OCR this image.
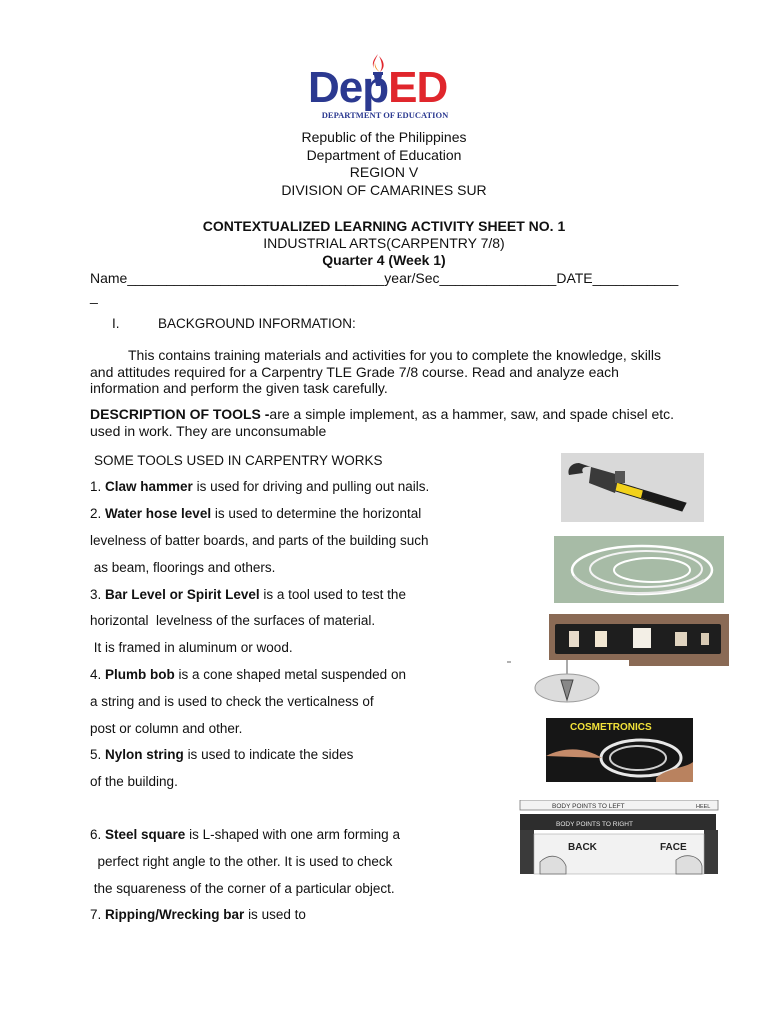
DepED
DEPARTMENT OF EDUCATION
Republic of the Philippines
Department of Education
REGION V
DIVISION OF CAMARINES SUR
CONTEXTUALIZED LEARNING ACTIVITY SHEET NO. 1
INDUSTRIAL ARTS(CARPENTRY 7/8)
Quarter 4 (Week 1)
Name_________________________________year/Sec_______________DATE___________
_
I.	BACKGROUND INFORMATION:
This contains training materials and activities for you to complete the knowledge, skills and attitudes required for a Carpentry TLE Grade 7/8 course. Read and analyze each information and perform the given task carefully.
DESCRIPTION OF TOOLS -are a simple implement, as a hammer, saw, and spade chisel etc. used in work. They are unconsumable
SOME TOOLS USED IN CARPENTRY WORKS
1. Claw hammer is used for driving and pulling out nails.
2. Water hose level is used to determine the horizontal
levelness of batter boards, and parts of the building such
as beam, floorings and others.
3. Bar Level or Spirit Level is a tool used to test the
horizontal  levelness of the surfaces of material.
It is framed in aluminum or wood.
4. Plumb bob is a cone shaped metal suspended on
a string and is used to check the verticalness of
post or column and other.
5. Nylon string is used to indicate the sides
of the building.
6. Steel square is L-shaped with one arm forming a
perfect right angle to the other. It is used to check
the squareness of the corner of a particular object.
7. Ripping/Wrecking bar is used to
COSMETRONICS
BODY POINTS TO LEFT	HEEL
BODY POINTS TO RIGHT
BACK	FACE
